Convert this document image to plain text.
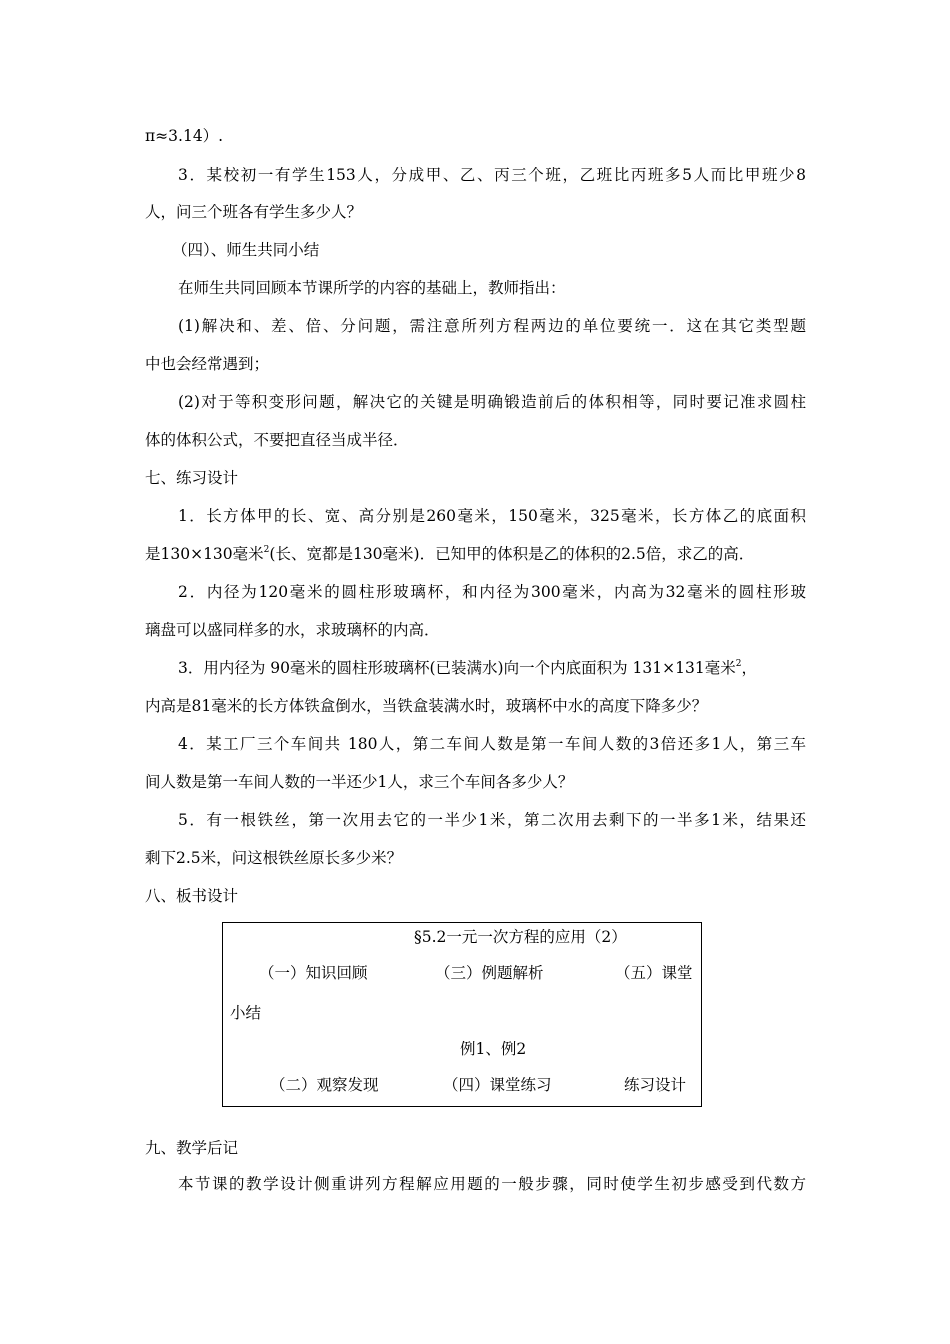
π≈3.14）.
3．某校初一有学生153人，分成甲、乙、丙三个班，乙班比丙班多5人而比甲班少8
人，问三个班各有学生多少人？
（四）、师生共同小结
在师生共同回顾本节课所学的内容的基础上，教师指出：
(1)解决和、差、倍、分问题，需注意所列方程两边的单位要统一．这在其它类型题
中也会经常遇到；
(2)对于等积变形问题，解决它的关键是明确锻造前后的体积相等，同时要记准求圆柱
体的体积公式，不要把直径当成半径．
七、练习设计
1．长方体甲的长、宽、高分别是260毫米，150毫米，325毫米，长方体乙的底面积
是130×130毫米$^2$(长、宽都是130毫米)．已知甲的体积是乙的体积的2.5倍，求乙的高．
2．内径为120毫米的圆柱形玻璃杯，和内径为300毫米，内高为32毫米的圆柱形玻
璃盘可以盛同样多的水，求玻璃杯的内高．
3．用内径为 90毫米的圆柱形玻璃杯(已装满水)向一个内底面积为 131×131毫米$^2$，
内高是81毫米的长方体铁盒倒水，当铁盒装满水时，玻璃杯中水的高度下降多少？
4．某工厂三个车间共 180人，第二车间人数是第一车间人数的3倍还多1人，第三车
间人数是第一车间人数的一半还少1人，求三个车间各多少人？
5．有一根铁丝，第一次用去它的一半少1米，第二次用去剩下的一半多1米，结果还
剩下2.5米，问这根铁丝原长多少米？
八、板书设计
§5.2一元一次方程的应用（2）
（一）知识回顾	（三）例题解析	（五）课堂
小结
例1、例2
（二）观察发现	（四）课堂练习	练习设计
九、教学后记
本节课的教学设计侧重讲列方程解应用题的一般步骤，同时使学生初步感受到代数方
